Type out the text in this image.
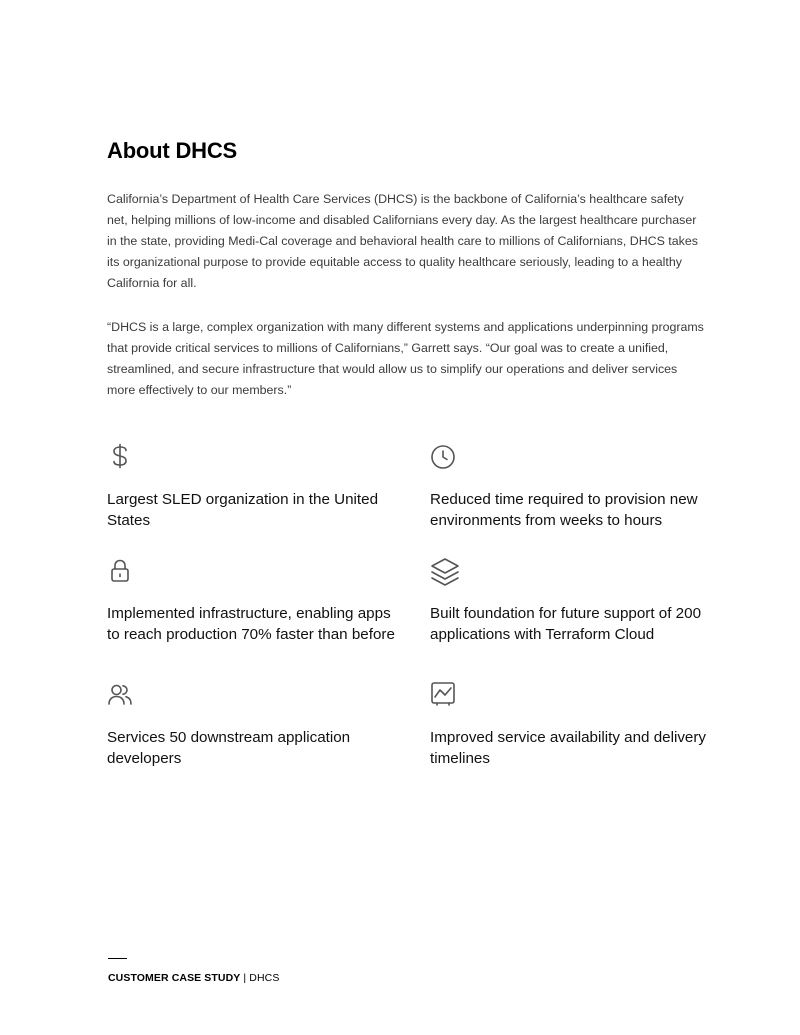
About DHCS

California’s Department of Health Care Services (DHCS) is the backbone of California’s healthcare safety net, helping millions of low-income and disabled Californians every day. As the largest healthcare purchaser in the state, providing Medi-Cal coverage and behavioral health care to millions of Californians, DHCS takes its organizational purpose to provide equitable access to quality healthcare seriously, leading to a healthy California for all.

“DHCS is a large, complex organization with many different systems and applications underpinning programs that provide critical services to millions of Californians,” Garrett says. “Our goal was to create a unified, streamlined, and secure infrastructure that would allow us to simplify our operations and deliver services more effectively to our members.”

Largest SLED organization in the United States
Reduced time required to provision new environments from weeks to hours
Implemented infrastructure, enabling apps to reach production 70% faster than before
Built foundation for future support of 200 applications with Terraform Cloud
Services 50 downstream application developers
Improved service availability and delivery timelines
CUSTOMER CASE STUDY | DHCS
